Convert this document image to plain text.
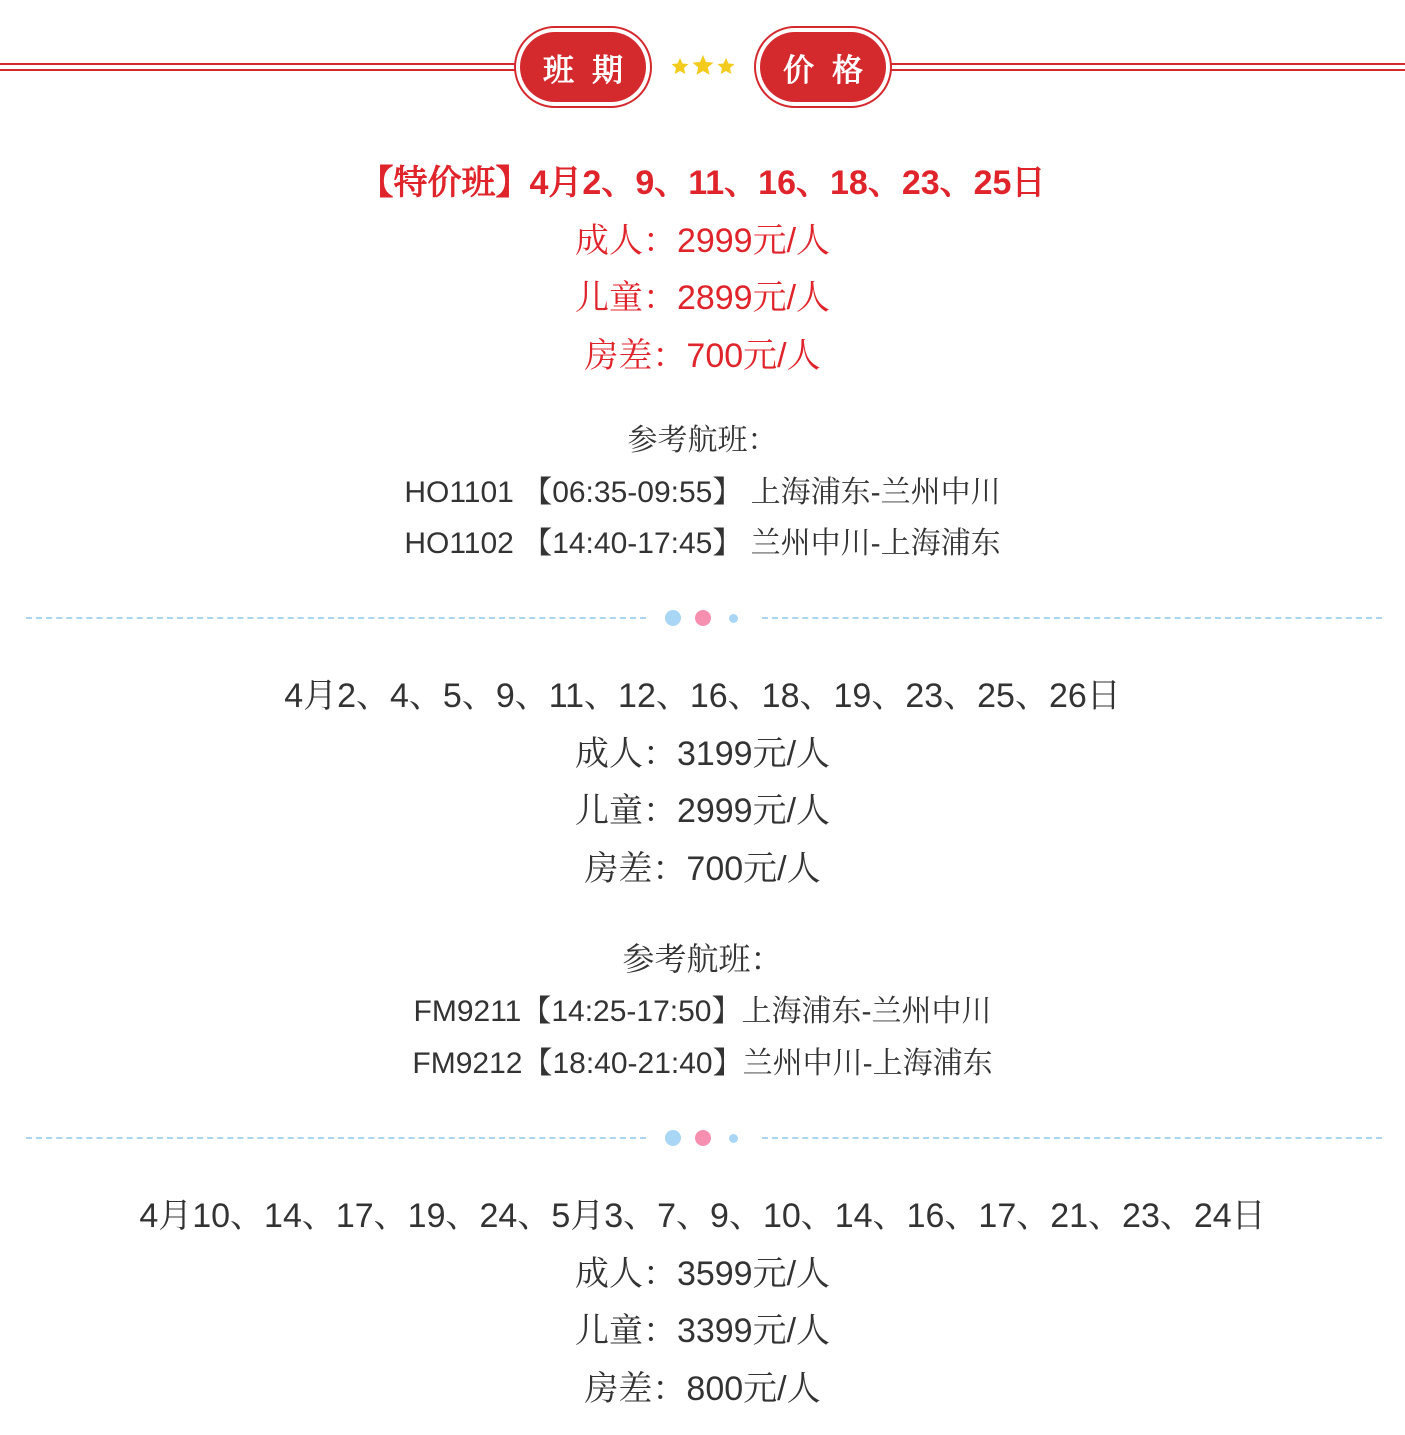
班 期	价 格
【特价班】4月2、9、11、16、18、23、25日
成人：2999元/人
儿童：2899元/人
房差：700元/人
参考航班：
HO1101 【06:35-09:55】 上海浦东-兰州中川
HO1102 【14:40-17:45】 兰州中川-上海浦东
4月2、4、5、9、11、12、16、18、19、23、25、26日
成人：3199元/人
儿童：2999元/人
房差：700元/人
参考航班：
FM9211【14:25-17:50】上海浦东-兰州中川
FM9212【18:40-21:40】兰州中川-上海浦东
4月10、14、17、19、24、5月3、7、9、10、14、16、17、21、23、24日
成人：3599元/人
儿童：3399元/人
房差：800元/人
